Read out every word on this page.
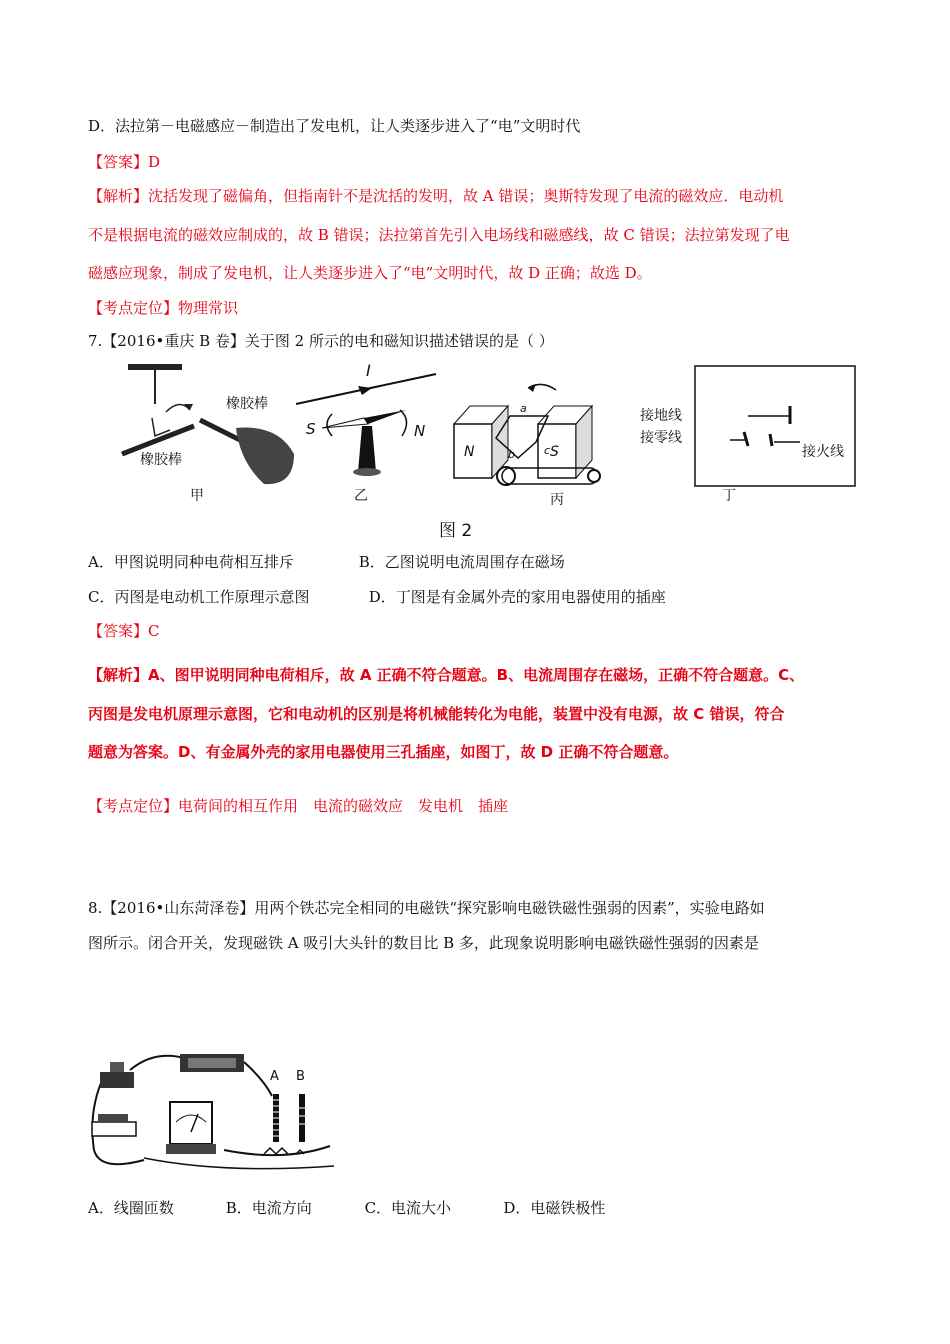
D．法拉第－电磁感应－制造出了发电机，让人类逐步进入了“电”文明时代
【答案】D
【解析】沈括发现了磁偏角，但指南针不是沈括的发明，故 A 错误；奥斯特发现了电流的磁效应．电动机
不是根据电流的磁效应制成的，故 B 错误；法拉第首先引入电场线和磁感线，故 C 错误；法拉第发现了电
磁感应现象，制成了发电机，让人类逐步进入了“电”文明时代，故 D 正确；故选 D。
【考点定位】物理常识
7.【2016•重庆 B 卷】关于图 2 所示的电和磁知识描述错误的是（ ）
橡胶棒
橡胶棒
甲
I
S	N
乙
N	S
a
b	c
丙
接地线
接零线
接火线
丁
图 2
A．甲图说明同种电荷相互排斥	B．乙图说明电流周围存在磁场
C．丙图是电动机工作原理示意图	D．丁图是有金属外壳的家用电器使用的插座
【答案】C
【解析】A、图甲说明同种电荷相斥，故 A 正确不符合题意。B、电流周围存在磁场，正确不符合题意。C、
丙图是发电机原理示意图，它和电动机的区别是将机械能转化为电能，装置中没有电源，故 C 错误，符合
题意为答案。D、有金属外壳的家用电器使用三孔插座，如图丁，故 D 正确不符合题意。
【考点定位】电荷间的相互作用　电流的磁效应　发电机　插座
8.【2016•山东菏泽卷】用两个铁芯完全相同的电磁铁“探究影响电磁铁磁性强弱的因素”，实验电路如
图所示。闭合开关，发现磁铁 A 吸引大头针的数目比 B 多，此现象说明影响电磁铁磁性强弱的因素是
A B
A．线圈匝数	B．电流方向	C．电流大小	D．电磁铁极性
